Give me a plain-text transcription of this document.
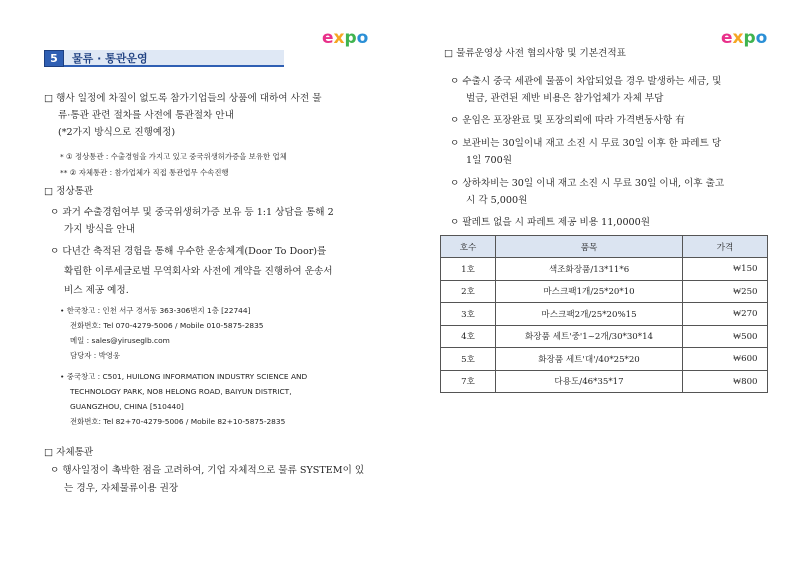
expo
5	물류 · 통관운영
□ 행사 일정에 차질이 없도록 참가기업들의 상품에 대하여 사전 물
류·통관 관련 절차를 사전에 통관절차 안내
(*2가지 방식으로 진행예정)
* ① 정상통관 : 수출경험을 가지고 있고 중국위생허가증을 보유한 업체
** ② 자체통관 : 참가업체가 직접 통관업무 수속진행
□ 정상통관
ㅇ 과거 수출경험여부 및 중국위생허가증 보유 등 1:1 상담을 통해 2
가지 방식을 안내
ㅇ 다년간 축적된 경험을 통해 우수한 운송체계(Door To Door)를
확립한 이루세글로벌 무역회사와 사전에 계약을 진행하여 운송서
비스 제공 예정.
• 한국창고 : 인천 서구 경서동 363-306번지 1층 [22744]
전화번호: Tel 070-4279-5006 / Mobile 010-5875-2835
메일 : sales@yiruseglb.com
담당자 : 박영웅
• 중국창고 : C501, HUILONG INFORMATION INDUSTRY SCIENCE AND
TECHNOLOGY PARK, NO8 HELONG ROAD, BAIYUN DISTRICT,
GUANGZHOU, CHINA [510440]
전화번호: Tel 82+70-4279-5006 / Mobile 82+10-5875-2835
□ 자체통관
ㅇ 행사일정이 촉박한 점을 고려하여, 기업 자체적으로 물류 SYSTEM이 있
는 경우, 자체물류이용 권장
expo
□ 물류운영상 사전 협의사항 및 기본견적표
ㅇ 수출시 중국 세관에 물품이 차압되었을 경우 발생하는 세금, 및
벌금, 관련된 제반 비용은 참가업체가 자체 부담
ㅇ 운임은 포장완료 및 포장의뢰에 따라 가격변동사항 有
ㅇ 보관비는 30일이내 재고 소진 시 무료 30일 이후 한 파레트 당
1일 700원
ㅇ 상하차비는 30일 이내 재고 소진 시 무료 30일 이내, 이후 출고
시 각 5,000원
ㅇ 팔레트 없을 시 파레트 제공 비용 11,0000원
호수	품목	가격
1호	색조화장품/13*11*6	₩150
2호	마스크팩1개/25*20*10	₩250
3호	마스크팩2개/25*20%15	₩270
4호	화장품 세트'중'1~2개/30*30*14	₩500
5호	화장품 세트'대'/40*25*20	₩600
7호	다용도/46*35*17	₩800
